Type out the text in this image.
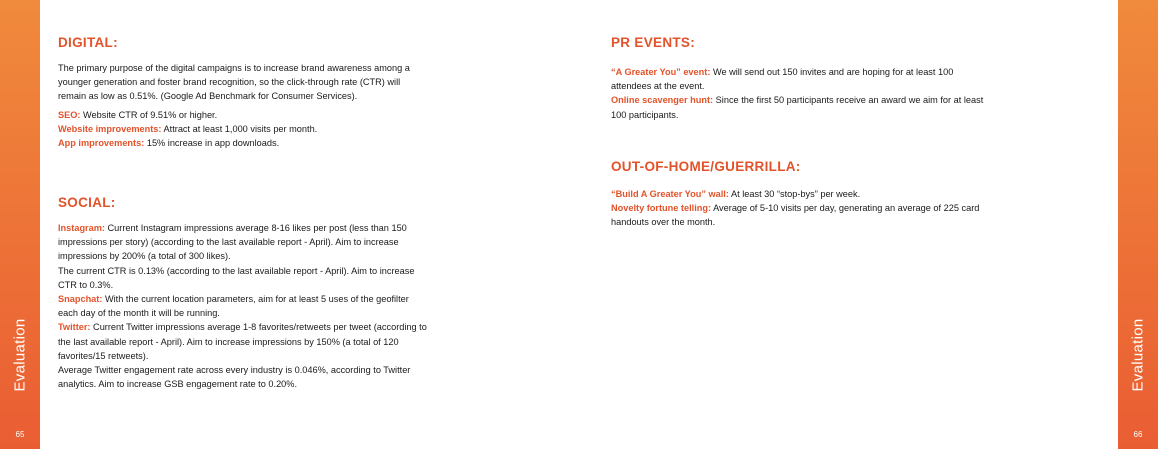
Evaluation
65
Evaluation
66
DIGITAL:

The primary purpose of the digital campaigns is to increase brand awareness among a younger generation and foster brand recognition, so the click-through rate (CTR) will remain as low as 0.51%. (Google Ad Benchmark for Consumer Services).

SEO: Website CTR of 9.51% or higher.

Website improvements: Attract at least 1,000 visits per month.

App improvements: 15% increase in app downloads.

SOCIAL:

Instagram: Current Instagram impressions average 8-16 likes per post (less than 150 impressions per story) (according to the last available report - April). Aim to increase impressions by 200% (a total of 300 likes).

The current CTR is 0.13% (according to the last available report - April). Aim to increase CTR to 0.3%.

Snapchat: With the current location parameters, aim for at least 5 uses of the geofilter each day of the month it will be running.

Twitter: Current Twitter impressions average 1-8 favorites/retweets per tweet (according to the last available report - April). Aim to increase impressions by 150% (a total of 120 favorites/15 retweets).

Average Twitter engagement rate across every industry is 0.046%, according to Twitter analytics. Aim to increase GSB engagement rate to 0.20%.

PR EVENTS:

“A Greater You” event: We will send out 150 invites and are hoping for at least 100 attendees at the event.

Online scavenger hunt: Since the first 50 participants receive an award we aim for at least 100 participants.

OUT-OF-HOME/GUERRILLA:

“Build A Greater You” wall: At least 30 “stop-bys” per week.

Novelty fortune telling: Average of 5-10 visits per day, generating an average of 225 card handouts over the month.
